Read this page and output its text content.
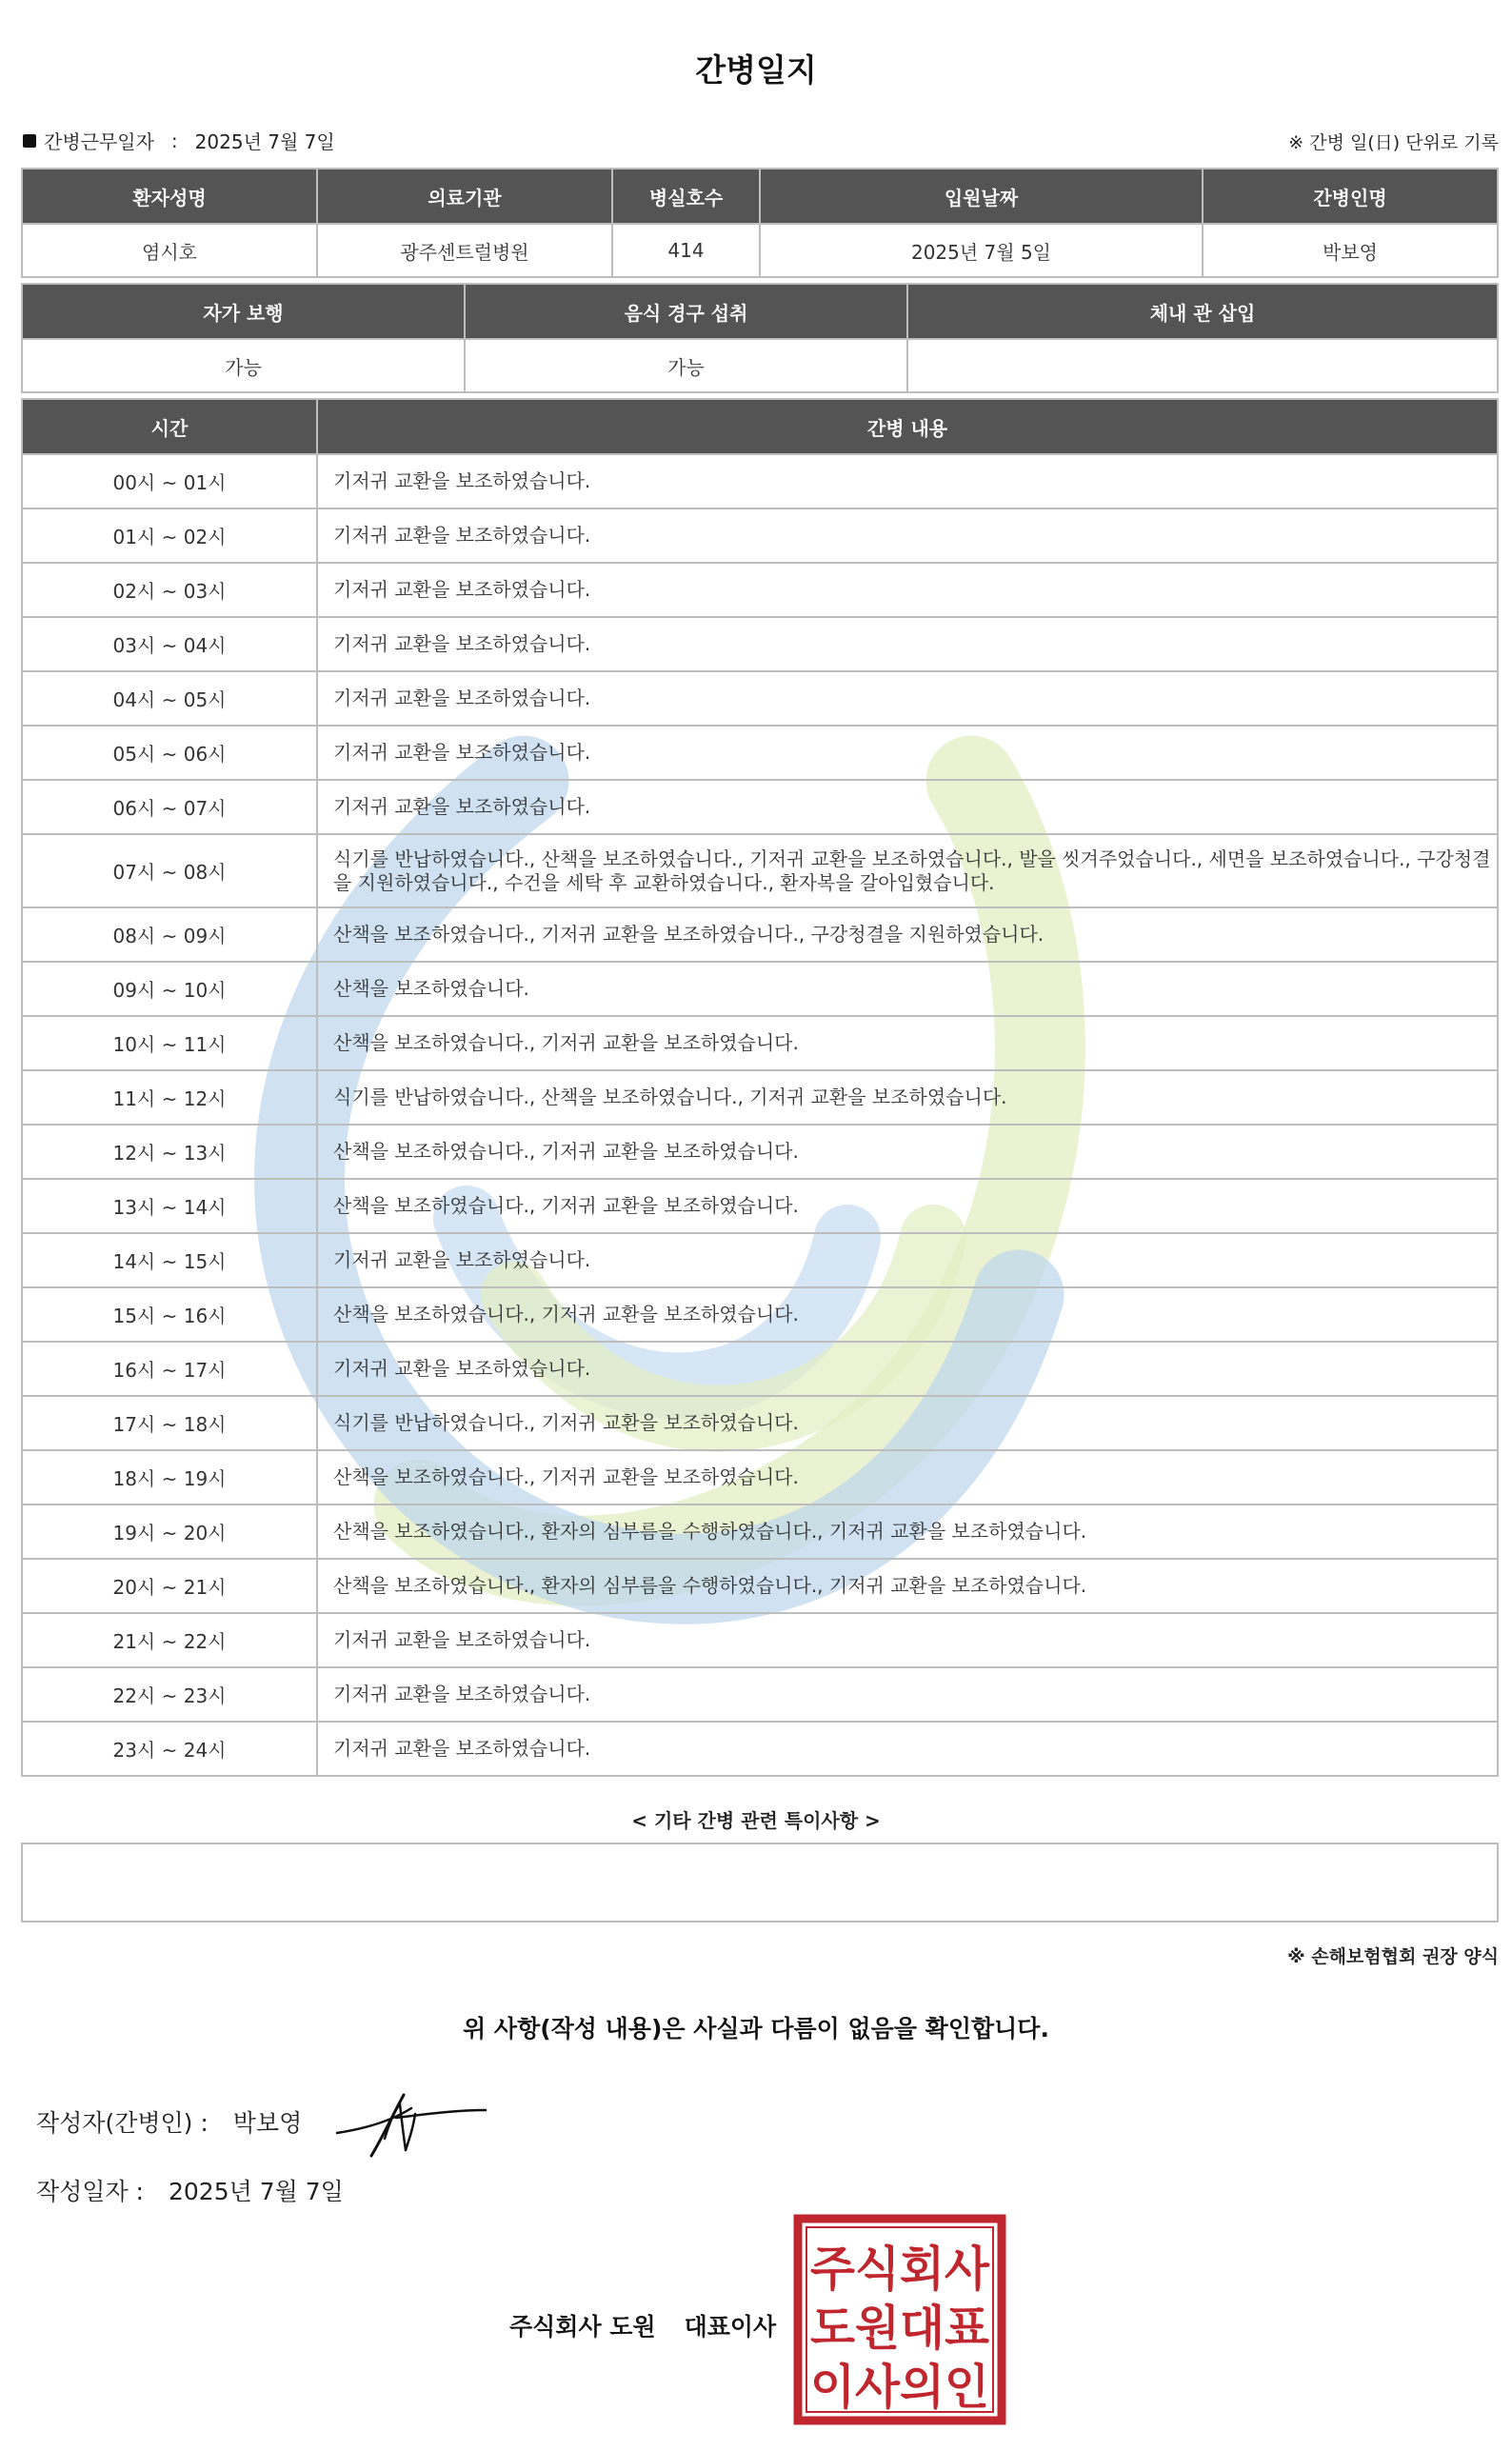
간병일지
간병근무일자 : 2025년 7월 7일	※ 간병 일(日) 단위로 기록
환자성명	의료기관	병실호수	입원날짜	간병인명
염시호	광주센트럴병원	414	2025년 7월 5일	박보영
자가 보행	음식 경구 섭취	체내 관 삽입
가능	가능	
시간	간병 내용
00시 ~ 01시	기저귀 교환을 보조하였습니다.
01시 ~ 02시	기저귀 교환을 보조하였습니다.
02시 ~ 03시	기저귀 교환을 보조하였습니다.
03시 ~ 04시	기저귀 교환을 보조하였습니다.
04시 ~ 05시	기저귀 교환을 보조하였습니다.
05시 ~ 06시	기저귀 교환을 보조하였습니다.
06시 ~ 07시	기저귀 교환을 보조하였습니다.
07시 ~ 08시	식기를 반납하였습니다., 산책을 보조하였습니다., 기저귀 교환을 보조하였습니다., 발을 씻겨주었습니다., 세면을 보조하였습니다., 구강청결을 지원하였습니다., 수건을 세탁 후 교환하였습니다., 환자복을 갈아입혔습니다.
08시 ~ 09시	산책을 보조하였습니다., 기저귀 교환을 보조하였습니다., 구강청결을 지원하였습니다.
09시 ~ 10시	산책을 보조하였습니다.
10시 ~ 11시	산책을 보조하였습니다., 기저귀 교환을 보조하였습니다.
11시 ~ 12시	식기를 반납하였습니다., 산책을 보조하였습니다., 기저귀 교환을 보조하였습니다.
12시 ~ 13시	산책을 보조하였습니다., 기저귀 교환을 보조하였습니다.
13시 ~ 14시	산책을 보조하였습니다., 기저귀 교환을 보조하였습니다.
14시 ~ 15시	기저귀 교환을 보조하였습니다.
15시 ~ 16시	산책을 보조하였습니다., 기저귀 교환을 보조하였습니다.
16시 ~ 17시	기저귀 교환을 보조하였습니다.
17시 ~ 18시	식기를 반납하였습니다., 기저귀 교환을 보조하였습니다.
18시 ~ 19시	산책을 보조하였습니다., 기저귀 교환을 보조하였습니다.
19시 ~ 20시	산책을 보조하였습니다., 환자의 심부름을 수행하였습니다., 기저귀 교환을 보조하였습니다.
20시 ~ 21시	산책을 보조하였습니다., 환자의 심부름을 수행하였습니다., 기저귀 교환을 보조하였습니다.
21시 ~ 22시	기저귀 교환을 보조하였습니다.
22시 ~ 23시	기저귀 교환을 보조하였습니다.
23시 ~ 24시	기저귀 교환을 보조하였습니다.
< 기타 간병 관련 특이사항 >
※ 손해보험협회 권장 양식
위 사항(작성 내용)은 사실과 다름이 없음을 확인합니다.
작성자(간병인) : 박보영
작성일자 : 2025년 7월 7일
주식회사 도원 대표이사
주식회사
도원대표
이사의인
